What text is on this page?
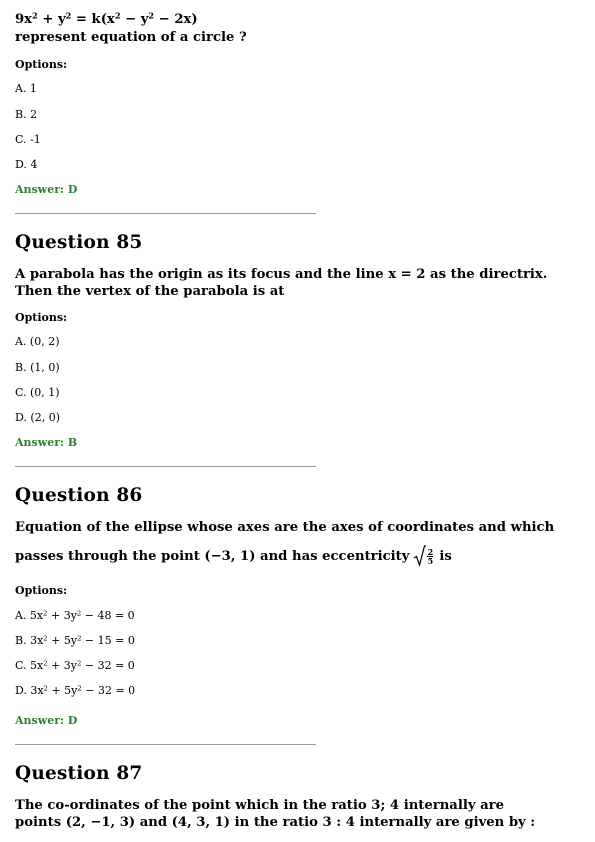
$9x^2 + y^2 = k(x^2 - y^2 - 2x)$
represent equation of a circle ?
Options:
A. 1
B. 2
C. -1
D. 4
Answer: D
Question 85
A parabola has the origin as its focus and the line x = 2 as the directrix.
Then the vertex of the parabola is at
Options:
A. (0, 2)
B. (1, 0)
C. (0, 1)
D. (2, 0)
Answer: B
Question 86
Equation of the ellipse whose axes are the axes of coordinates and which
passes through the point (−3, 1) and has eccentricity $\frac{2}{5}$ is
Options:
A. $5x^2 + 3y^2 - 48 = 0$
B. $3x^2 + 5y^2 - 15 = 0$
C. $5x^2 + 3y^2 - 32 = 0$
D. $3x^2 + 5y^2 - 32 = 0$
Answer: D
Question 87
The co-ordinates of the point which in the ratio 3; 4 internally are
points (2, −1, 3) and (4, 3, 1) in the ratio 3 : 4 internally are given by :
